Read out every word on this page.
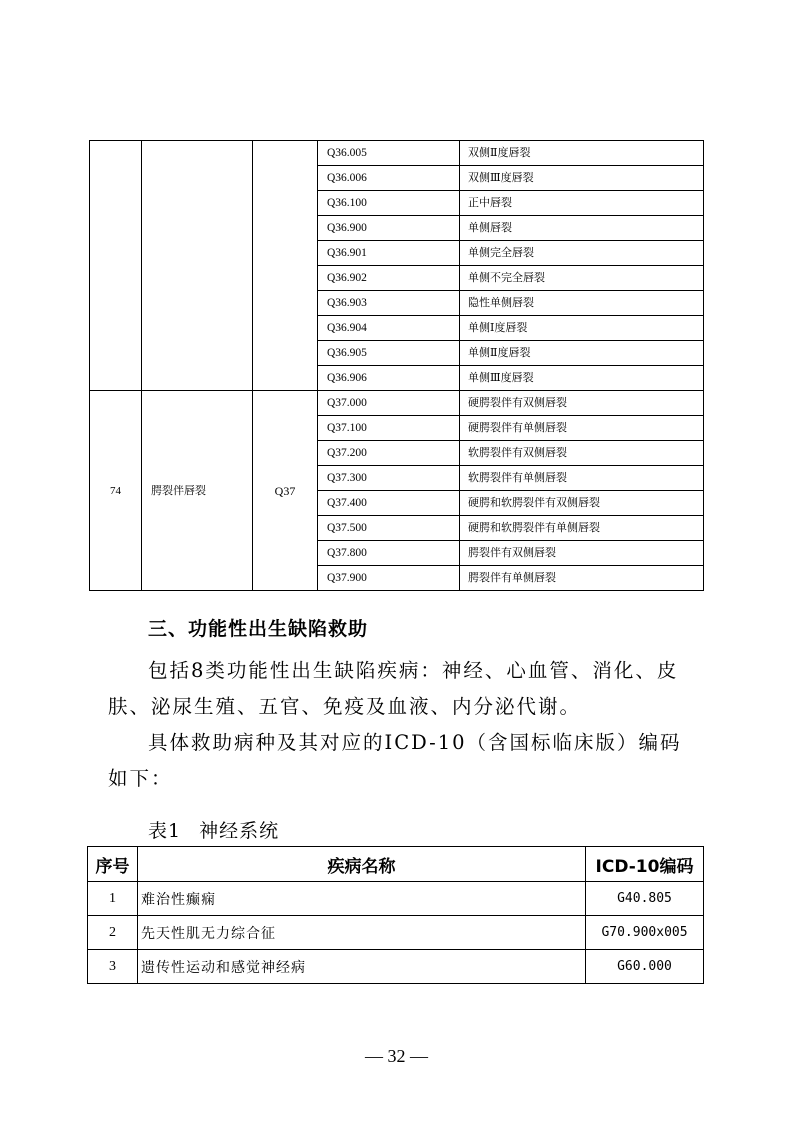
			Q36.005	双侧Ⅱ度唇裂
			Q36.006	双侧Ⅲ度唇裂
			Q36.100	正中唇裂
			Q36.900	单侧唇裂
			Q36.901	单侧完全唇裂
			Q36.902	单侧不完全唇裂
			Q36.903	隐性单侧唇裂
			Q36.904	单侧Ⅰ度唇裂
			Q36.905	单侧Ⅱ度唇裂
			Q36.906	单侧Ⅲ度唇裂
74	腭裂伴唇裂	Q37	Q37.000	硬腭裂伴有双侧唇裂
			Q37.100	硬腭裂伴有单侧唇裂
			Q37.200	软腭裂伴有双侧唇裂
			Q37.300	软腭裂伴有单侧唇裂
			Q37.400	硬腭和软腭裂伴有双侧唇裂
			Q37.500	硬腭和软腭裂伴有单侧唇裂
			Q37.800	腭裂伴有双侧唇裂
			Q37.900	腭裂伴有单侧唇裂
三、功能性出生缺陷救助
包括8类功能性出生缺陷疾病：神经、心血管、消化、皮肤、泌尿生殖、五官、免疫及血液、内分泌代谢。
具体救助病种及其对应的ICD-10（含国标临床版）编码如下：
表1 神经系统
序号	疾病名称	ICD-10编码
1	难治性癫痫	G40.805
2	先天性肌无力综合征	G70.900x005
3	遗传性运动和感觉神经病	G60.000
— 32 —
